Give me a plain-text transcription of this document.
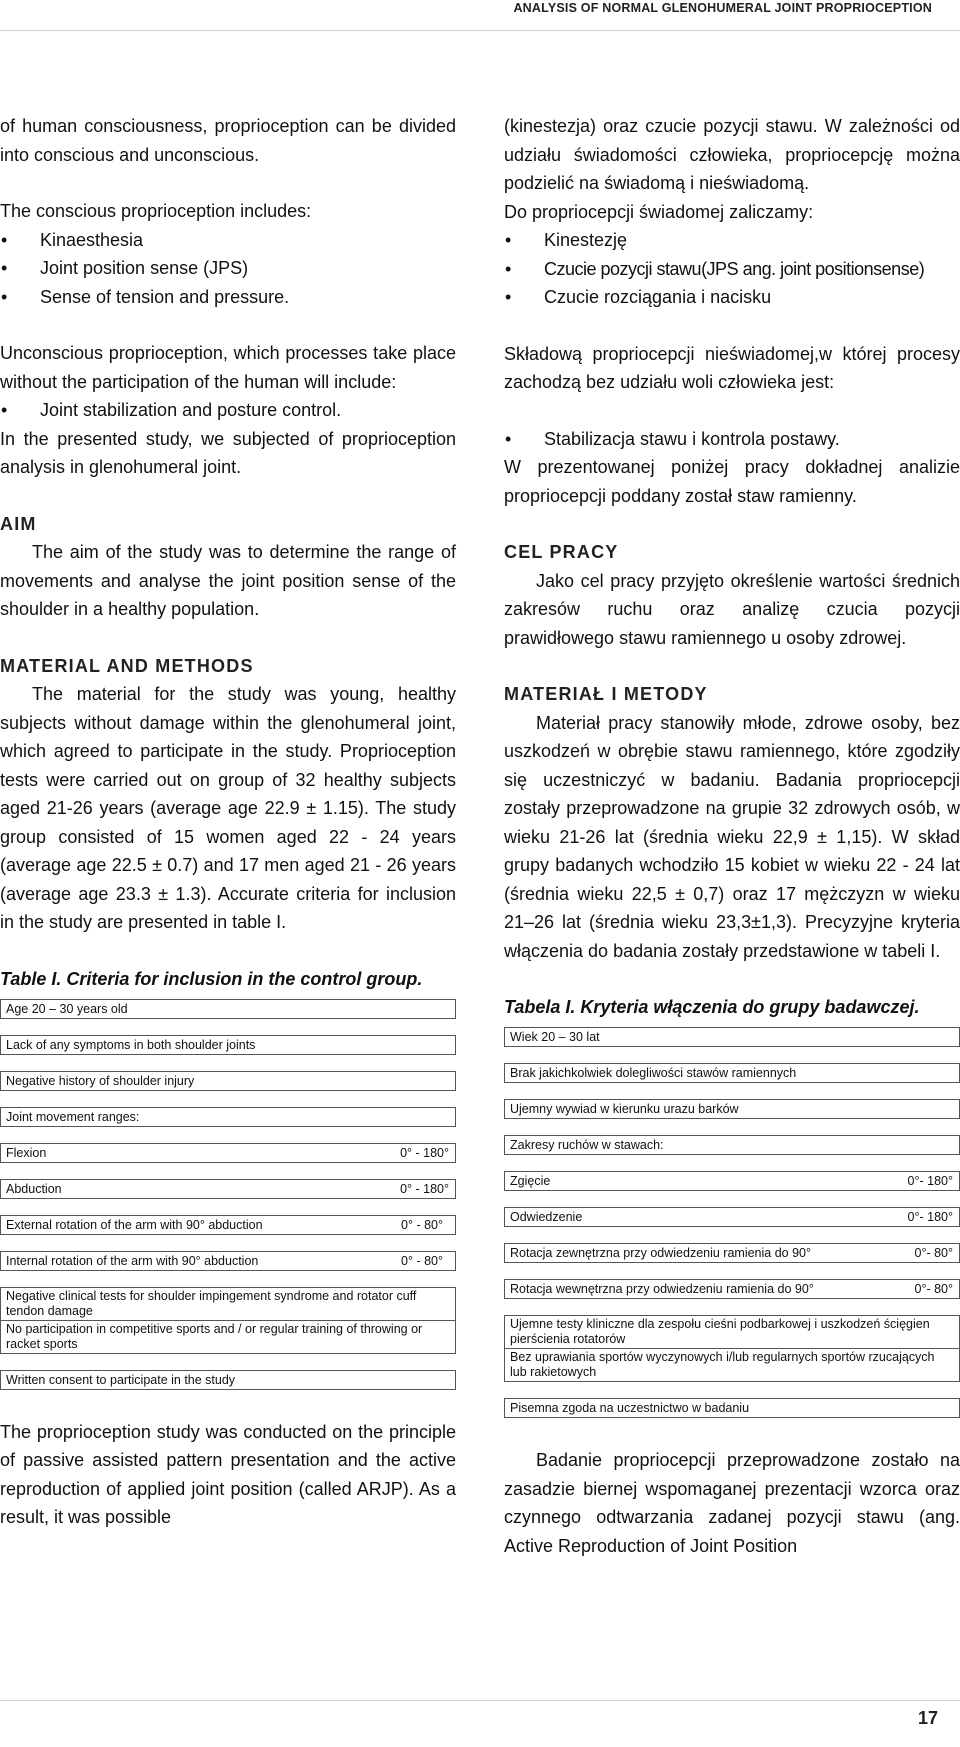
ANALYSIS OF NORMAL GLENOHUMERAL JOINT PROPRIOCEPTION

of human consciousness, proprioception can be divided into conscious and unconscious.

The conscious proprioception includes:

• Kinaesthesia
• Joint position sense (JPS)
• Sense of tension and pressure.

Unconscious proprioception, which processes take place without the participation of the human will include:

• Joint stabilization and posture control.

In the presented study, we subjected of proprioception analysis in glenohumeral joint.

AIM

The aim of the study was to determine the range of movements and analyse the joint position sense of the shoulder in a healthy population.

MATERIAL AND METHODS

The material for the study was young, healthy subjects without damage within the glenohumeral joint, which agreed to participate in the study. Proprioception tests were carried out on group of 32 healthy subjects aged 21-26 years (average age 22.9 ± 1.15). The study group consisted of 15 women aged 22 - 24 years (average age 22.5 ± 0.7) and 17 men aged 21 - 26 years (average age 23.3 ± 1.3). Accurate criteria for inclusion in the study are presented in table I.

Table I. Criteria for inclusion in the control group.

Age 20 – 30 years old
Lack of any symptoms in both shoulder joints
Negative history of shoulder injury
Joint movement ranges:
Flexion	0° - 180°
Abduction	0° - 180°
External rotation of the arm with 90° abduction	0° - 80°
Internal rotation of the arm with 90° abduction	0° - 80°
Negative clinical tests for shoulder impingement syndrome and rotator cuff tendon damage
No participation in competitive sports and / or regular training of throwing or racket sports
Written consent to participate in the study

The proprioception study was conducted on the principle of passive assisted pattern presentation and the active reproduction of applied joint position (called ARJP). As a result, it was possible

(kinestezja) oraz czucie pozycji stawu. W zależności od udziału świadomości człowieka, propriocepcję można podzielić na świadomą i nieświadomą.

Do propriocepcji świadomej zaliczamy:

• Kinestezję
• Czucie pozycji stawu(JPS ang. joint positionsense)
• Czucie rozciągania i nacisku

Składową propriocepcji nieświadomej,w której procesy zachodzą bez udziału woli człowieka jest:

• Stabilizacja stawu i kontrola postawy.

W prezentowanej poniżej pracy dokładnej analizie propriocepcji poddany został staw ramienny.

CEL PRACY

Jako cel pracy przyjęto określenie wartości średnich zakresów ruchu oraz analizę czucia pozycji prawidłowego stawu ramiennego u osoby zdrowej.

MATERIAŁ I METODY

Materiał pracy stanowiły młode, zdrowe osoby, bez uszkodzeń w obrębie stawu ramiennego, które zgodziły się uczestniczyć w badaniu. Badania propriocepcji zostały przeprowadzone na grupie 32 zdrowych osób, w wieku 21-26 lat (średnia wieku 22,9 ± 1,15). W skład grupy badanych wchodziło 15 kobiet w wieku 22 - 24 lat (średnia wieku 22,5 ± 0,7) oraz 17 mężczyzn w wieku 21–26 lat (średnia wieku 23,3±1,3). Precyzyjne kryteria włączenia do badania zostały przedstawione w tabeli I.

Tabela I. Kryteria włączenia do grupy badawczej.

Wiek 20 – 30 lat
Brak jakichkolwiek dolegliwości stawów ramiennych
Ujemny wywiad w kierunku urazu barków
Zakresy ruchów w stawach:
Zgięcie	0°- 180°
Odwiedzenie	0°- 180°
Rotacja zewnętrzna przy odwiedzeniu ramienia do 90°	0°- 80°
Rotacja wewnętrzna przy odwiedzeniu ramienia do 90°	0°- 80°
Ujemne testy kliniczne dla zespołu cieśni podbarkowej i uszkodzeń ścięgien pierścienia rotatorów
Bez uprawiania sportów wyczynowych i/lub regularnych sportów rzucających lub rakietowych
Pisemna zgoda na uczestnictwo w badaniu

Badanie propriocepcji przeprowadzone zostało na zasadzie biernej wspomaganej prezentacji wzorca oraz czynnego odtwarzania zadanej pozycji stawu (ang. Active Reproduction of Joint Position

17
